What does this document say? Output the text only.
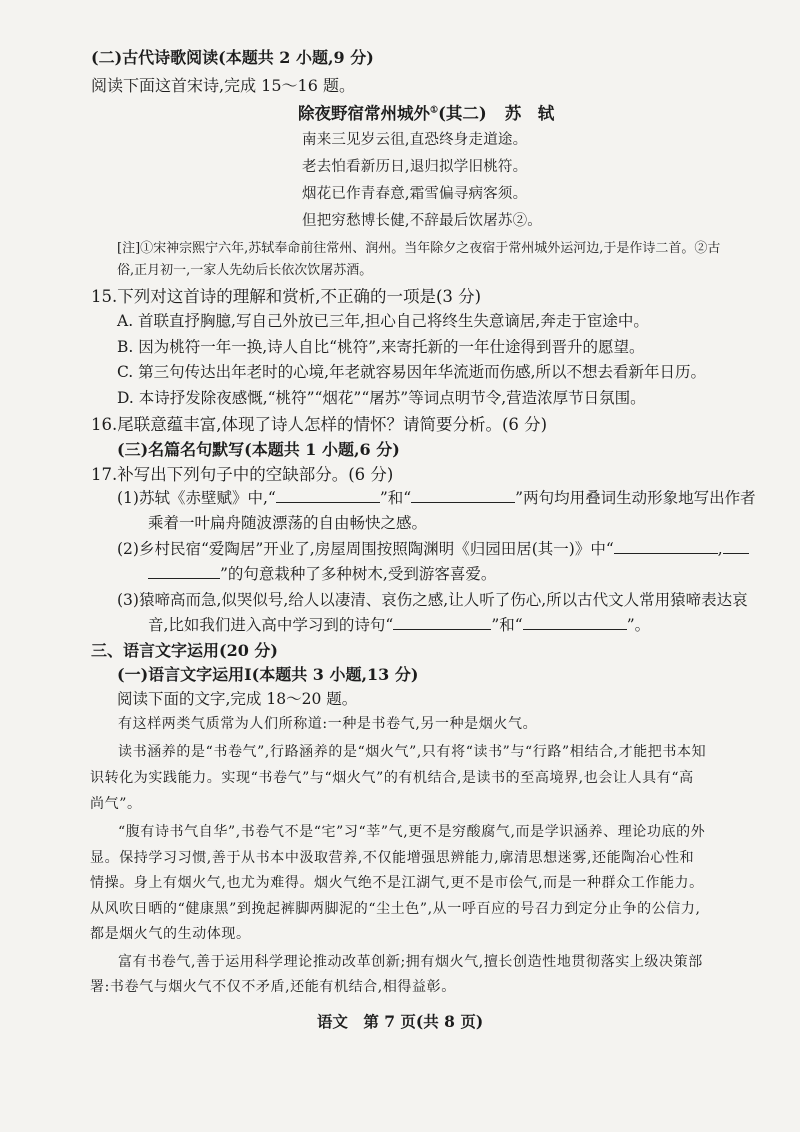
(二)古代诗歌阅读(本题共 2 小题,9 分)

阅读下面这首宋诗,完成 15～16 题。

除夜野宿常州城外①(其二) 苏　轼

南来三见岁云徂,直恐终身走道途。

老去怕看新历日,退归拟学旧桃符。

烟花已作青春意,霜雪偏寻病客须。

但把穷愁博长健,不辞最后饮屠苏②。

[注]①宋神宗熙宁六年,苏轼奉命前往常州、润州。当年除夕之夜宿于常州城外运河边,于是作诗二首。②古

俗,正月初一,一家人先幼后长依次饮屠苏酒。

15.下列对这首诗的理解和赏析,不正确的一项是(3 分)

A. 首联直抒胸臆,写自己外放已三年,担心自己将终生失意谪居,奔走于宦途中。

B. 因为桃符一年一换,诗人自比“桃符”,来寄托新的一年仕途得到晋升的愿望。

C. 第三句传达出年老时的心境,年老就容易因年华流逝而伤感,所以不想去看新年日历。

D. 本诗抒发除夜感慨,“桃符”“烟花”“屠苏”等词点明节令,营造浓厚节日氛围。

16.尾联意蕴丰富,体现了诗人怎样的情怀？请简要分析。(6 分)

(三)名篇名句默写(本题共 1 小题,6 分)

17.补写出下列句子中的空缺部分。(6 分)

(1)苏轼《赤壁赋》中,“	”和“	”两句均用叠词生动形象地写出作者

乘着一叶扁舟随波漂荡的自由畅快之感。

(2)乡村民宿“爱陶居”开业了,房屋周围按照陶渊明《归园田居(其一)》中“	,
”的句意栽种了多种树木,受到游客喜爱。

(3)猿啼高而急,似哭似号,给人以凄清、哀伤之感,让人听了伤心,所以古代文人常用猿啼表达哀

音,比如我们进入高中学习到的诗句“	”和“	”。

三、语言文字运用(20 分)

(一)语言文字运用Ⅰ(本题共 3 小题,13 分)

阅读下面的文字,完成 18～20 题。

有这样两类气质常为人们所称道:一种是书卷气,另一种是烟火气。

读书涵养的是“书卷气”,行路涵养的是“烟火气”,只有将“读书”与“行路”相结合,才能把书本知

识转化为实践能力。实现“书卷气”与“烟火气”的有机结合,是读书的至高境界,也会让人具有“高

尚气”。

“腹有诗书气自华”,书卷气不是“宅”习“莘”气,更不是穷酸腐气,而是学识涵养、理论功底的外

显。保持学习习惯,善于从书本中汲取营养,不仅能增强思辨能力,廓清思想迷雾,还能陶冶心性和

情操。身上有烟火气,也尤为难得。烟火气绝不是江湖气,更不是市侩气,而是一种群众工作能力。

从风吹日晒的“健康黑”到挽起裤脚两脚泥的“尘土色”,从一呼百应的号召力到定分止争的公信力,

都是烟火气的生动体现。

富有书卷气,善于运用科学理论推动改革创新;拥有烟火气,擅长创造性地贯彻落实上级决策部

署:书卷气与烟火气不仅不矛盾,还能有机结合,相得益彰。

语文　第 7 页(共 8 页)
